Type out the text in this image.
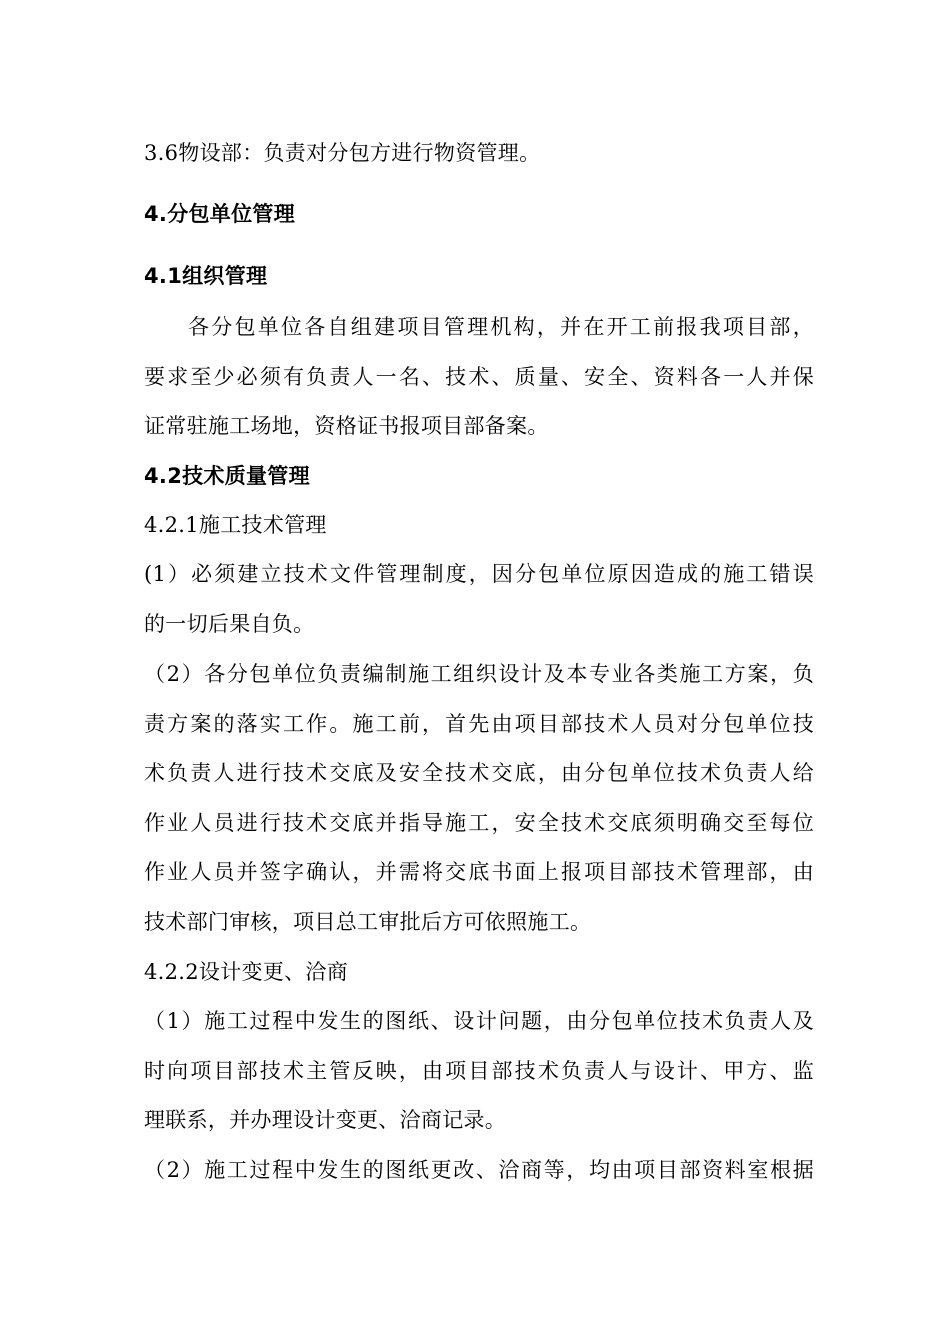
3.6物设部：负责对分包方进行物资管理。
4.分包单位管理
4.1组织管理
各分包单位各自组建项目管理机构，并在开工前报我项目部，
要求至少必须有负责人一名、技术、质量、安全、资料各一人并保
证常驻施工场地，资格证书报项目部备案。
4.2技术质量管理
4.2.1施工技术管理
(1）必须建立技术文件管理制度，因分包单位原因造成的施工错误
的一切后果自负。
（2）各分包单位负责编制施工组织设计及本专业各类施工方案，负
责方案的落实工作。施工前，首先由项目部技术人员对分包单位技
术负责人进行技术交底及安全技术交底，由分包单位技术负责人给
作业人员进行技术交底并指导施工，安全技术交底须明确交至每位
作业人员并签字确认，并需将交底书面上报项目部技术管理部，由
技术部门审核，项目总工审批后方可依照施工。
4.2.2设计变更、洽商
（1）施工过程中发生的图纸、设计问题，由分包单位技术负责人及
时向项目部技术主管反映，由项目部技术负责人与设计、甲方、监
理联系，并办理设计变更、洽商记录。
（2）施工过程中发生的图纸更改、洽商等，均由项目部资料室根据
